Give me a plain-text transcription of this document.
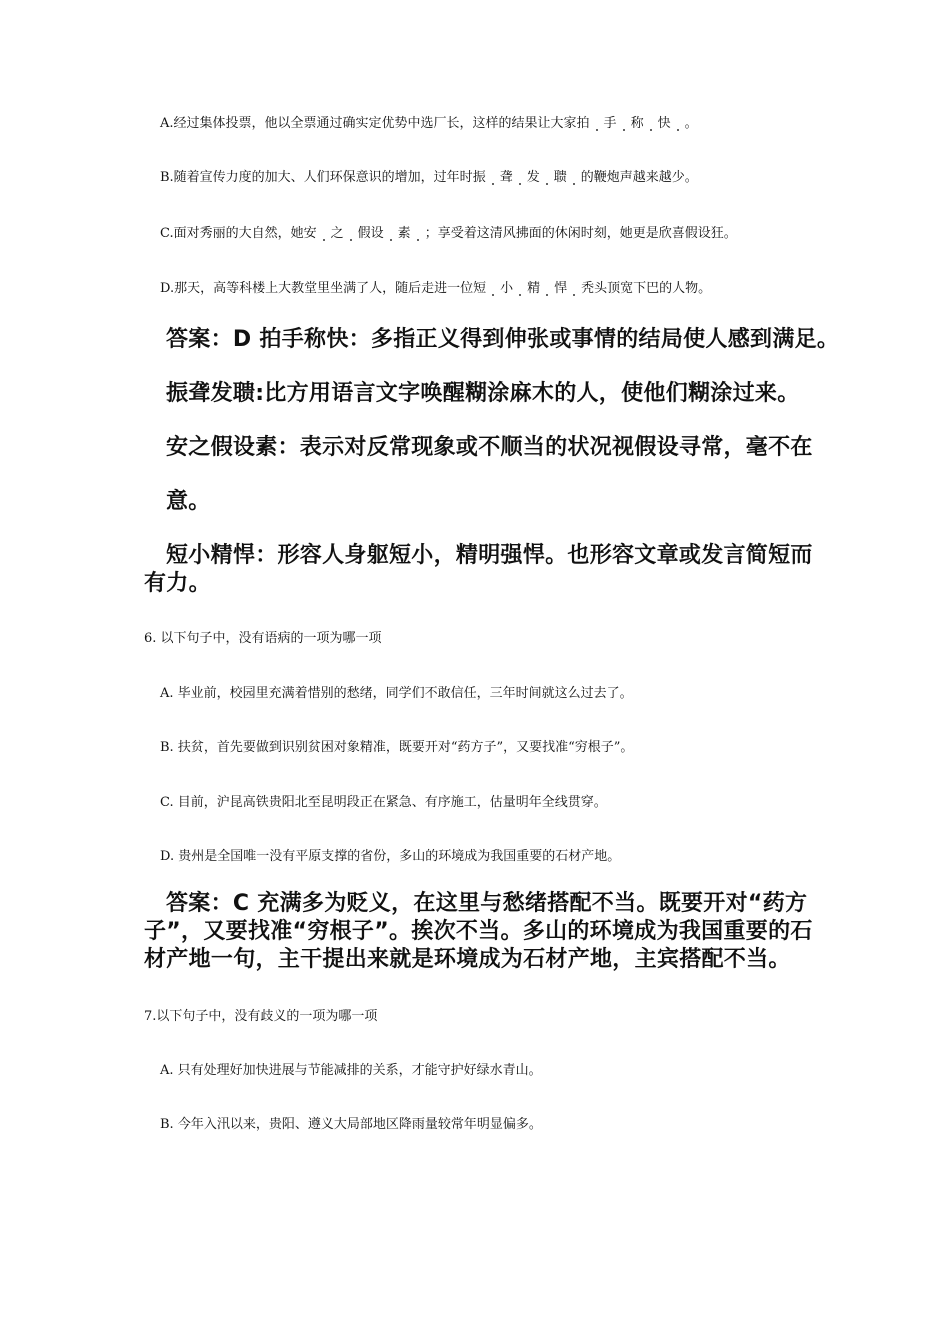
A.经过集体投票，他以全票通过确实定优势中选厂长，这样的结果让大家拍 手 称 快 。
B.随着宣传力度的加大、人们环保意识的增加，过年时振 聋 发 聩 的鞭炮声越来越少。
C.面对秀丽的大自然，她安 之 假设 素 ；享受着这清风拂面的休闲时刻，她更是欣喜假设狂。
D.那天，高等科楼上大教堂里坐满了人，随后走进一位短 小 精 悍 秃头顶宽下巴的人物。
答案：D 拍手称快：多指正义得到伸张或事情的结局使人感到满足。
振聋发聩:比方用语言文字唤醒糊涂麻木的人，使他们糊涂过来。
安之假设素：表示对反常现象或不顺当的状况视假设寻常，毫不在
意。
短小精悍：形容人身躯短小，精明强悍。也形容文章或发言简短而
有力。
6. 以下句子中，没有语病的一项为哪一项
A. 毕业前，校园里充满着惜别的愁绪，同学们不敢信任，三年时间就这么过去了。
B. 扶贫，首先要做到识别贫困对象精准，既要开对“药方子”，又要找准“穷根子”。
C. 目前，沪昆高铁贵阳北至昆明段正在紧急、有序施工，估量明年全线贯穿。
D. 贵州是全国唯一没有平原支撑的省份，多山的环境成为我国重要的石材产地。
答案：C 充满多为贬义，在这里与愁绪搭配不当。既要开对“药方
子”，又要找准“穷根子”。挨次不当。多山的环境成为我国重要的石
材产地一句，主干提出来就是环境成为石材产地，主宾搭配不当。
7.以下句子中，没有歧义的一项为哪一项
A. 只有处理好加快进展与节能减排的关系，才能守护好绿水青山。
B. 今年入汛以来，贵阳、遵义大局部地区降雨量较常年明显偏多。
